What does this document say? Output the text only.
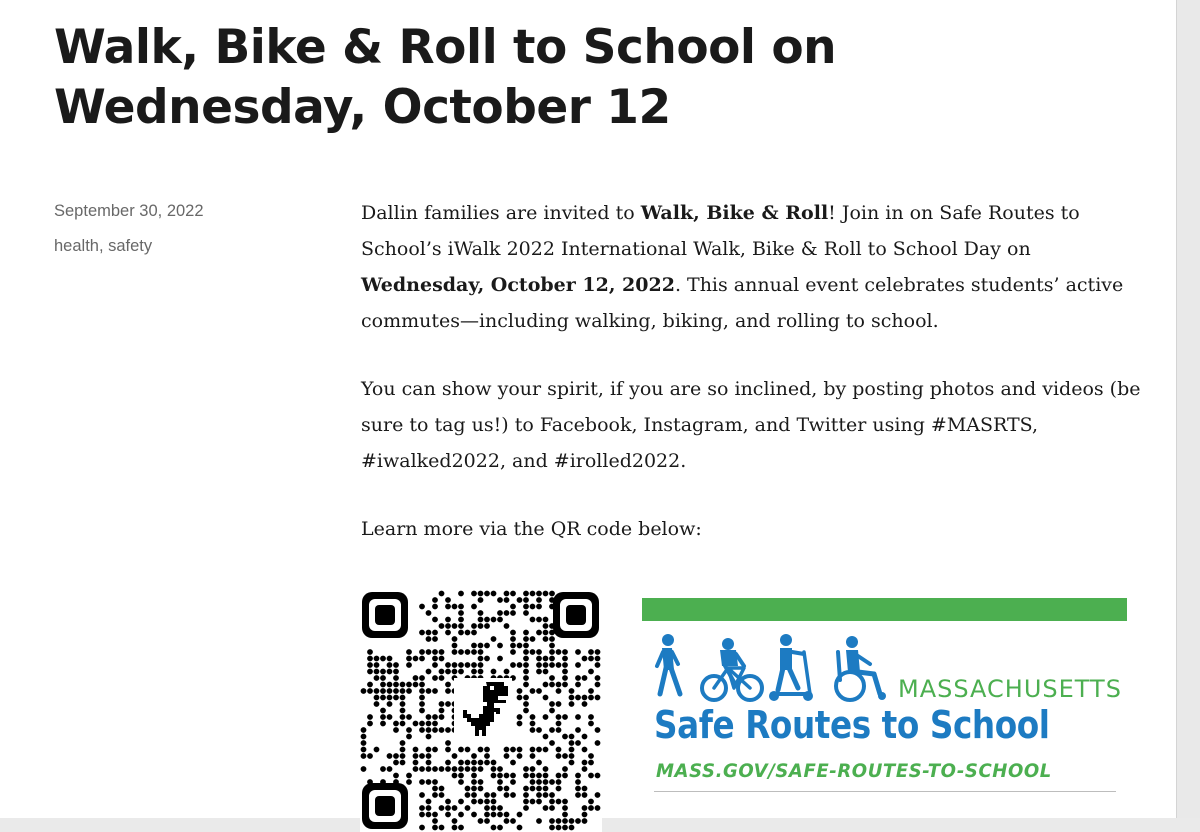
Walk, Bike & Roll to School on Wednesday, October 12
September 30, 2022
health, safety

Dallin families are invited to Walk, Bike & Roll! Join in on Safe Routes to School’s iWalk 2022 International Walk, Bike & Roll to School Day on Wednesday, October 12, 2022. This annual event celebrates students’ active commutes—including walking, biking, and rolling to school.

You can show your spirit, if you are so inclined, by posting photos and videos (be sure to tag us!) to Facebook, Instagram, and Twitter using #MASRTS, #iwalked2022, and #irolled2022.

Learn more via the QR code below:

MASSACHUSETTS
Safe Routes to School
MASS.GOV/SAFE-ROUTES-TO-SCHOOL
